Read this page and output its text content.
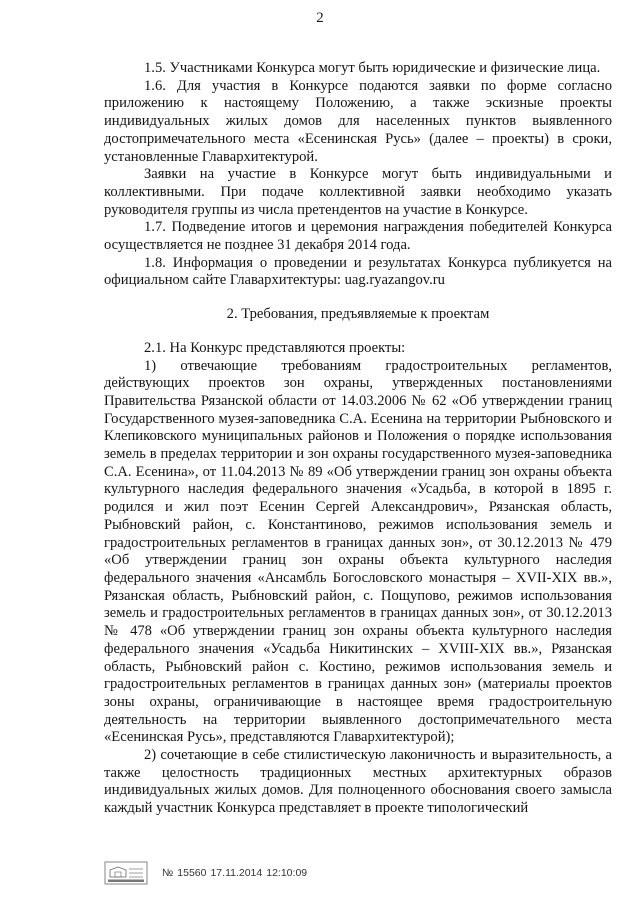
2

1.5. Участниками Конкурса могут быть юридические и физические лица.

1.6. Для участия в Конкурсе подаются заявки по форме согласно приложению к настоящему Положению, а также эскизные проекты индивидуальных жилых домов для населенных пунктов выявленного достопримечательного места «Есенинская Русь» (далее – проекты) в сроки, установленные Главархитектурой.

Заявки на участие в Конкурсе могут быть индивидуальными и коллективными. При подаче коллективной заявки необходимо указать руководителя группы из числа претендентов на участие в Конкурсе.

1.7. Подведение итогов и церемония награждения победителей Конкурса осуществляется не позднее 31 декабря 2014 года.

1.8. Информация о проведении и результатах Конкурса публикуется на официальном сайте Главархитектуры: uag.ryazangov.ru

2. Требования, предъявляемые к проектам

2.1. На Конкурс представляются проекты:

1) отвечающие требованиям градостроительных регламентов, действующих проектов зон охраны, утвержденных постановлениями Правительства Рязанской области от 14.03.2006 № 62 «Об утверждении границ Государственного музея-заповедника С.А. Есенина на территории Рыбновского и Клепиковского муниципальных районов и Положения о порядке использования земель в пределах территории и зон охраны государственного музея-заповедника С.А. Есенина», от 11.04.2013 № 89 «Об утверждении границ зон охраны объекта культурного наследия федерального значения «Усадьба, в которой в 1895 г. родился и жил поэт Есенин Сергей Александрович», Рязанская область, Рыбновский район, с. Константиново, режимов использования земель и градостроительных регламентов в границах данных зон», от 30.12.2013 № 479 «Об утверждении границ зон охраны объекта культурного наследия федерального значения «Ансамбль Богословского монастыря – XVII-XIX вв.», Рязанская область, Рыбновский район, с. Пощупово, режимов использования земель и градостроительных регламентов в границах данных зон», от 30.12.2013 № 478 «Об утверждении границ зон охраны объекта культурного наследия федерального значения «Усадьба Никитинских – XVIII-XIX вв.», Рязанская область, Рыбновский район с. Костино, режимов использования земель и градостроительных регламентов в границах данных зон» (материалы проектов зоны охраны, ограничивающие в настоящее время градостроительную деятельность на территории выявленного достопримечательного места «Есенинская Русь», представляются Главархитектурой);

2) сочетающие в себе стилистическую лаконичность и выразительность, а также целостность традиционных местных архитектурных образов индивидуальных жилых домов. Для полноценного обоснования своего замысла каждый участник Конкурса представляет в проекте типологический

№ 15560 17.11.2014 12:10:09
